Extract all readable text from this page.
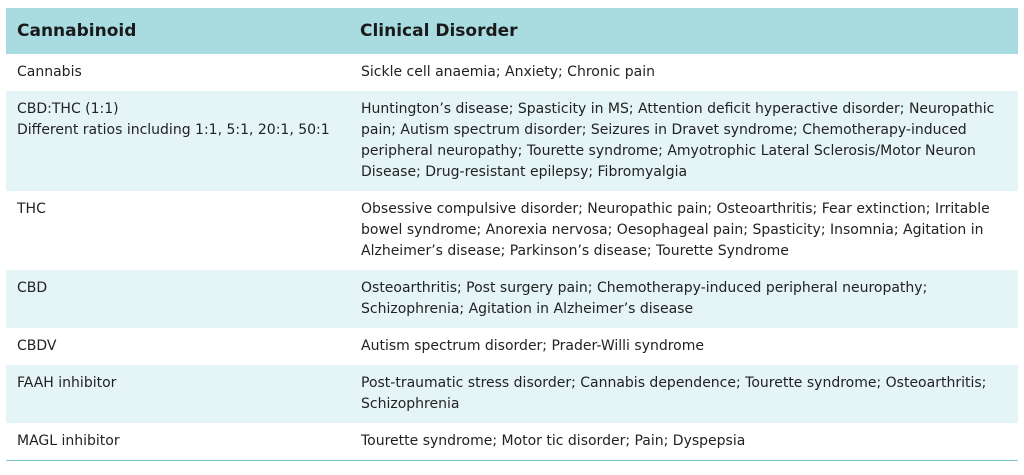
Cannabinoid	Clinical Disorder

Cannabis	Sickle cell anaemia; Anxiety; Chronic pain

CBD:THC (1:1)
Different ratios including 1:1, 5:1, 20:1, 50:1	Huntington’s disease; Spasticity in MS; Attention deficit hyperactive disorder; Neuropathic pain; Autism spectrum disorder; Seizures in Dravet syndrome; Chemotherapy-induced peripheral neuropathy; Tourette syndrome; Amyotrophic Lateral Sclerosis/Motor Neuron Disease; Drug-resistant epilepsy; Fibromyalgia

THC	Obsessive compulsive disorder; Neuropathic pain; Osteoarthritis; Fear extinction; Irritable bowel syndrome; Anorexia nervosa; Oesophageal pain; Spasticity; Insomnia; Agitation in Alzheimer’s disease; Parkinson’s disease; Tourette Syndrome

CBD	Osteoarthritis; Post surgery pain; Chemotherapy-induced peripheral neuropathy; Schizophrenia; Agitation in Alzheimer’s disease

CBDV	Autism spectrum disorder; Prader-Willi syndrome

FAAH inhibitor	Post-traumatic stress disorder; Cannabis dependence; Tourette syndrome; Osteoarthritis; Schizophrenia

MAGL inhibitor	Tourette syndrome; Motor tic disorder; Pain; Dyspepsia
